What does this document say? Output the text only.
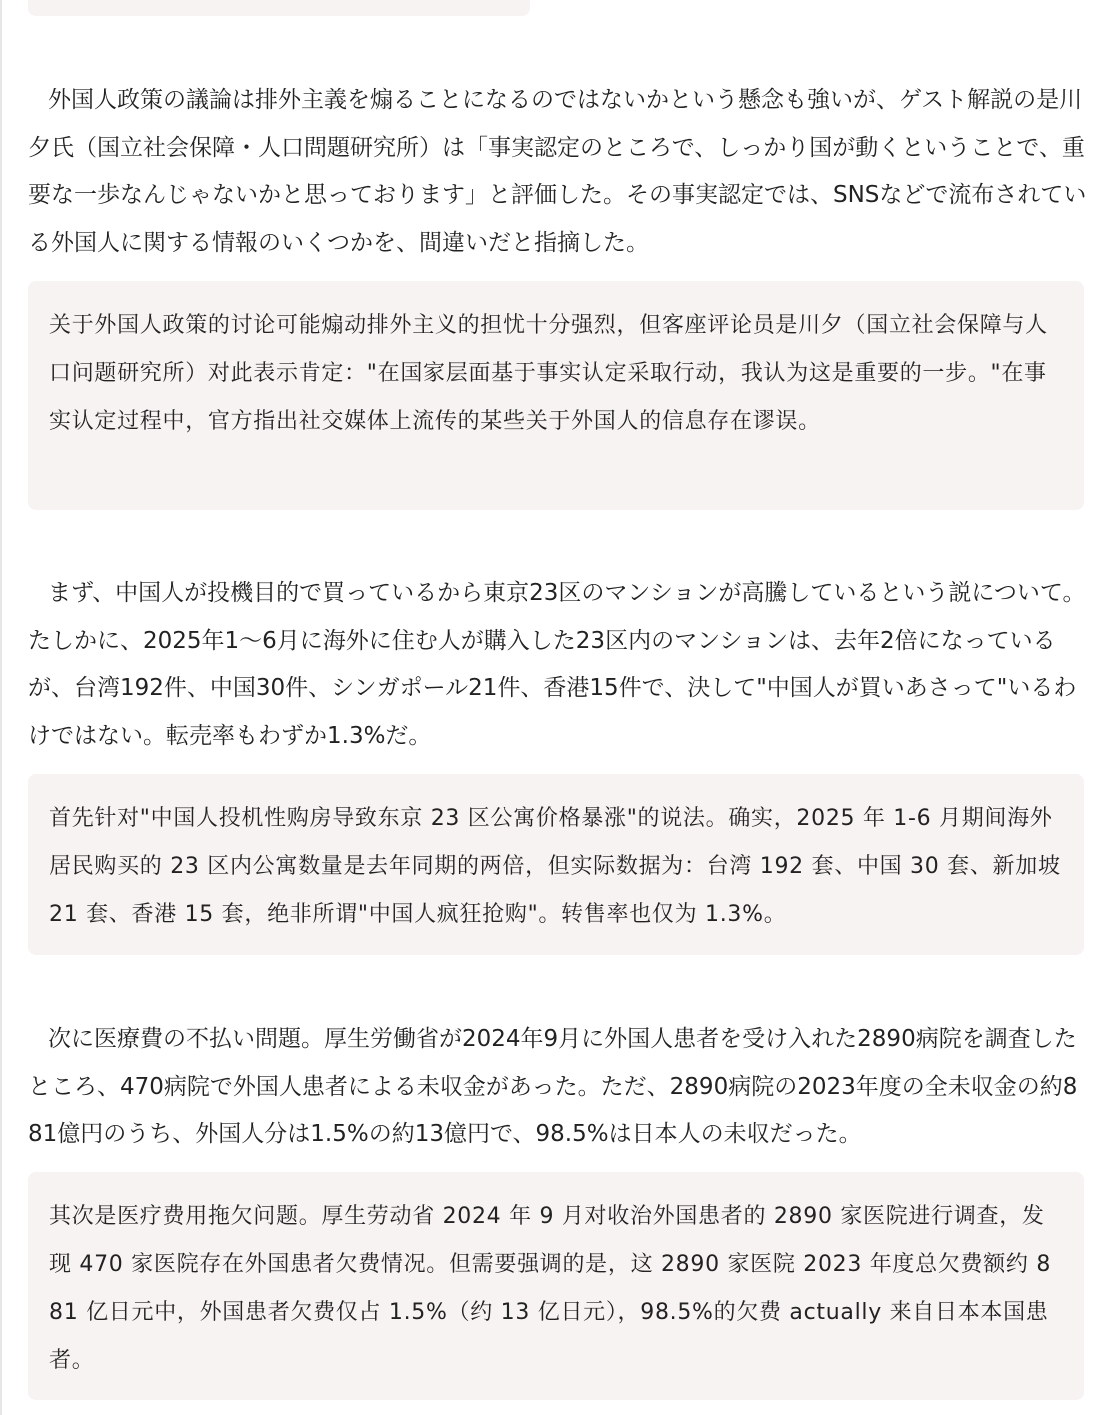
外国人政策の議論は排外主義を煽ることになるのではないかという懸念も強いが、ゲスト解説の是川夕氏（国立社会保障・人口問題研究所）は「事実認定のところで、しっかり国が動くということで、重要な一歩なんじゃないかと思っております」と評価した。その事実認定では、SNSなどで流布されている外国人に関する情報のいくつかを、間違いだと指摘した。

关于外国人政策的讨论可能煽动排外主义的担忧十分强烈，但客座评论员是川夕（国立社会保障与人口问题研究所）对此表示肯定："在国家层面基于事实认定采取行动，我认为这是重要的一步。"在事实认定过程中，官方指出社交媒体上流传的某些关于外国人的信息存在谬误。

まず、中国人が投機目的で買っているから東京23区のマンションが高騰しているという説について。たしかに、2025年1～6月に海外に住む人が購入した23区内のマンションは、去年2倍になっているが、台湾192件、中国30件、シンガポール21件、香港15件で、決して"中国人が買いあさって"いるわけではない。転売率もわずか1.3%だ。

首先针对"中国人投机性购房导致东京 23 区公寓价格暴涨"的说法。确实，2025 年 1-6 月期间海外居民购买的 23 区内公寓数量是去年同期的两倍，但实际数据为：台湾 192 套、中国 30 套、新加坡 21 套、香港 15 套，绝非所谓"中国人疯狂抢购"。转售率也仅为 1.3%。

次に医療費の不払い問題。厚生労働省が2024年9月に外国人患者を受け入れた2890病院を調査したところ、470病院で外国人患者による未収金があった。ただ、2890病院の2023年度の全未収金の約881億円のうち、外国人分は1.5%の約13億円で、98.5%は日本人の未収だった。

其次是医疗费用拖欠问题。厚生劳动省 2024 年 9 月对收治外国患者的 2890 家医院进行调查，发现 470 家医院存在外国患者欠费情况。但需要强调的是，这 2890 家医院 2023 年度总欠费额约 881 亿日元中，外国患者欠费仅占 1.5%（约 13 亿日元），98.5%的欠费 actually 来自日本本国患者。
